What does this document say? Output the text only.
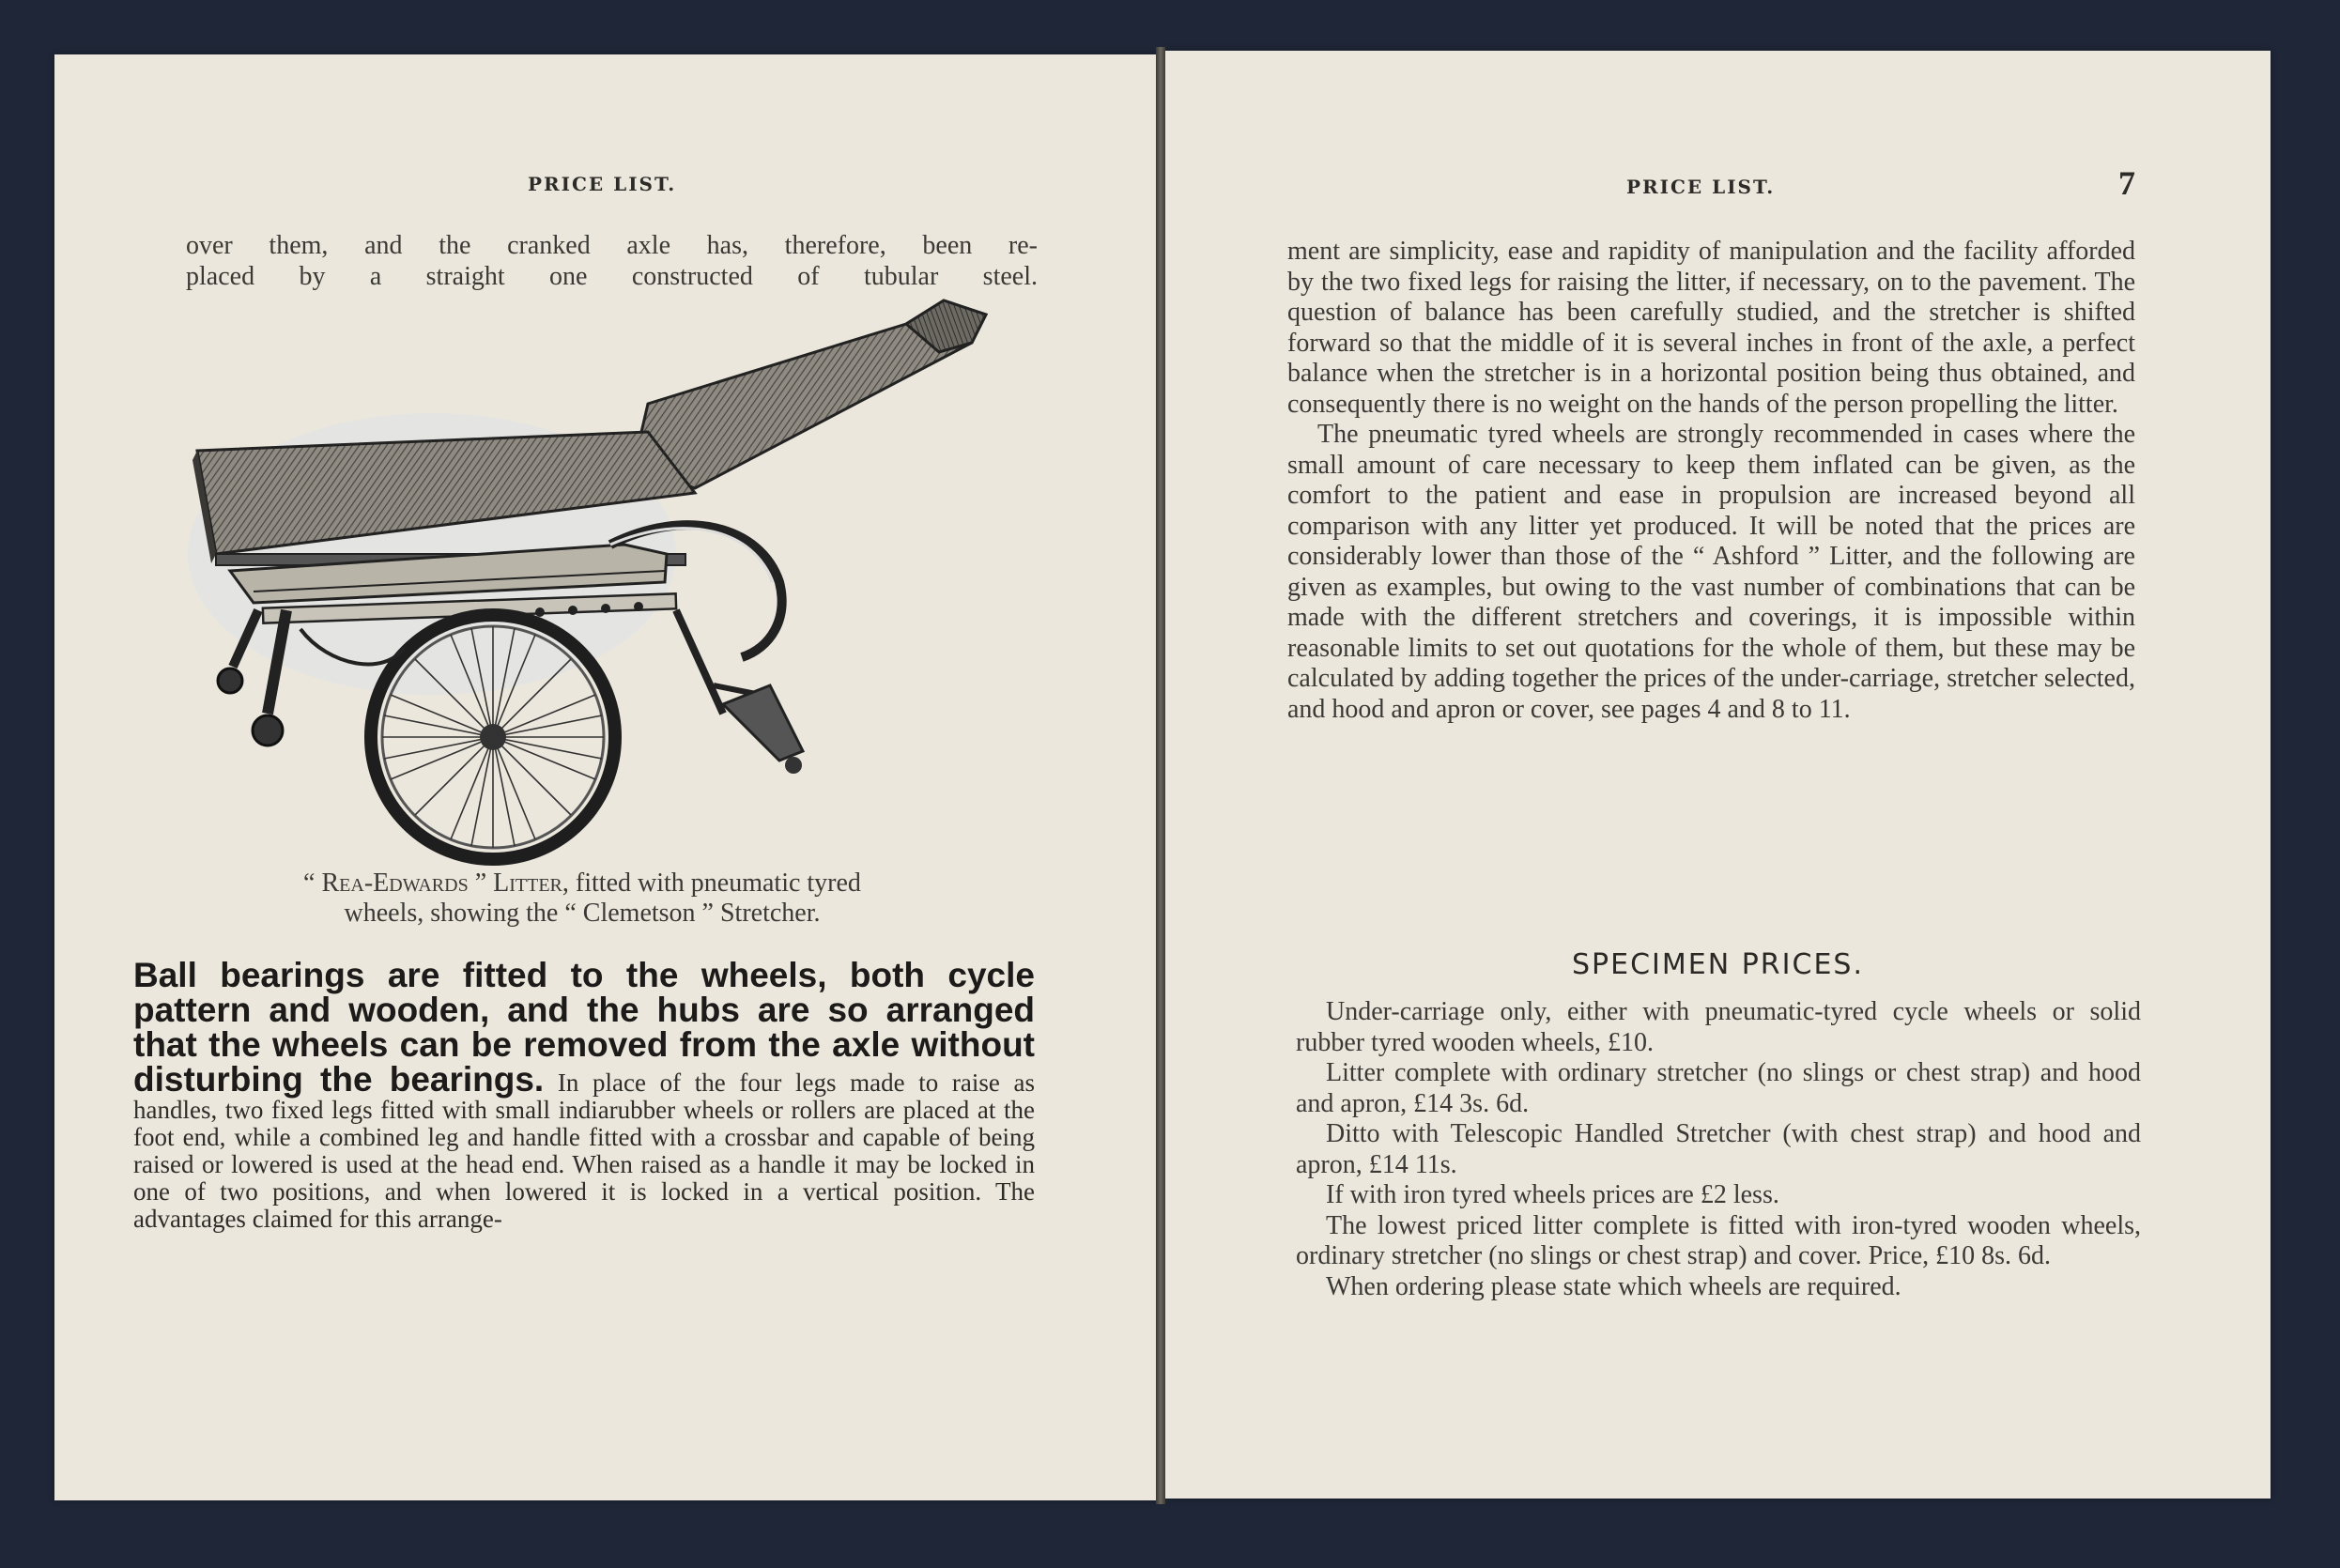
PRICE LIST.

over them, and the cranked axle has, therefore, been re-

placed by a straight one constructed of tubular steel.

“ Rea-Edwards ” Litter, fitted with pneumatic tyred
wheels, showing the “ Clemetson ” Stretcher.
Ball bearings are fitted to the wheels, both cycle pattern and wooden, and the hubs are so arranged that the wheels can be removed from the axle without disturbing the bearings. In place of the four legs made to raise as handles, two fixed legs fitted with small indiarubber wheels or rollers are placed at the foot end, while a combined leg and handle fitted with a crossbar and capable of being raised or lowered is used at the head end. When raised as a handle it may be locked in one of two positions, and when lowered it is locked in a vertical position. The advantages claimed for this arrange-
PRICE LIST.	7

ment are simplicity, ease and rapidity of manipulation and the facility afforded by the two fixed legs for raising the litter, if necessary, on to the pavement. The question of balance has been carefully studied, and the stretcher is shifted forward so that the middle of it is several inches in front of the axle, a perfect balance when the stretcher is in a horizontal position being thus obtained, and consequently there is no weight on the hands of the person propelling the litter.

The pneumatic tyred wheels are strongly recommended in cases where the small amount of care necessary to keep them inflated can be given, as the comfort to the patient and ease in propulsion are increased beyond all comparison with any litter yet produced. It will be noted that the prices are considerably lower than those of the “ Ashford ” Litter, and the following are given as examples, but owing to the vast number of combinations that can be made with the different stretchers and coverings, it is impossible within reasonable limits to set out quotations for the whole of them, but these may be calculated by adding together the prices of the under-carriage, stretcher selected, and hood and apron or cover, see pages 4 and 8 to 11.

SPECIMEN PRICES.

Under-carriage only, either with pneumatic-tyred cycle wheels or solid rubber tyred wooden wheels, £10.

Litter complete with ordinary stretcher (no slings or chest strap) and hood and apron, £14 3s. 6d.

Ditto with Telescopic Handled Stretcher (with chest strap) and hood and apron, £14 11s.

If with iron tyred wheels prices are £2 less.

The lowest priced litter complete is fitted with iron-tyred wooden wheels, ordinary stretcher (no slings or chest strap) and cover. Price, £10 8s. 6d.

When ordering please state which wheels are required.
